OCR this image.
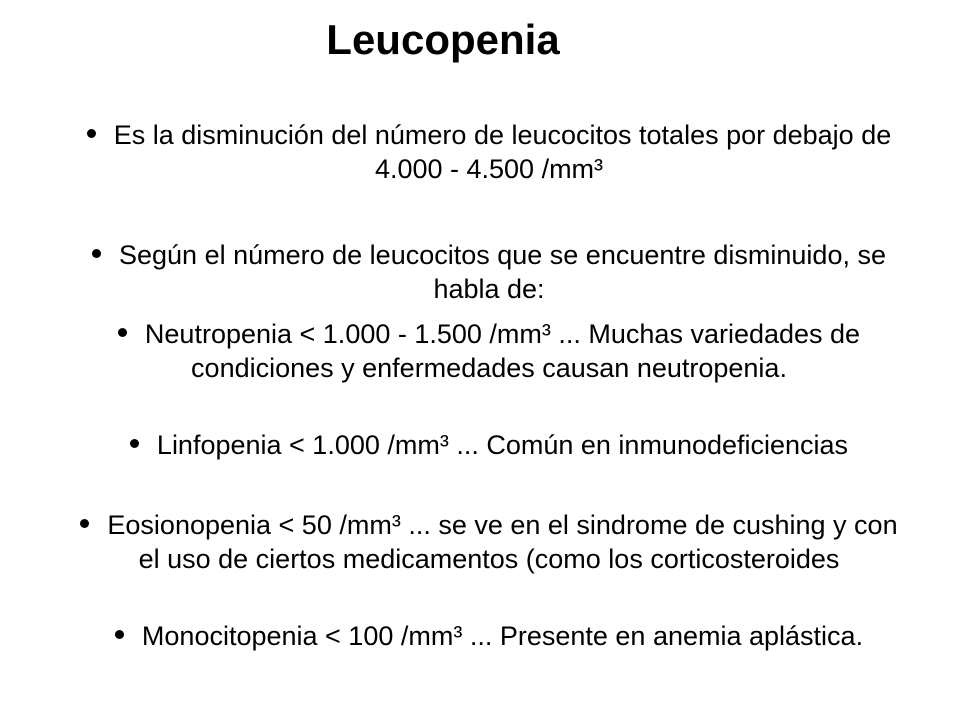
Leucopenia
Es la disminución del número de leucocitos totales por debajo de 4.000 - 4.500 /mm³
Según el número de leucocitos que se encuentre disminuido, se habla de:
Neutropenia < 1.000 - 1.500 /mm³ ... Muchas variedades de condiciones y enfermedades causan neutropenia.
Linfopenia < 1.000 /mm³ ... Común en inmunodeficiencias
Eosionopenia < 50 /mm³ ... se ve en el sindrome de cushing y con el uso de ciertos medicamentos (como los corticosteroides
Monocitopenia < 100 /mm³ ... Presente en anemia aplástica.
